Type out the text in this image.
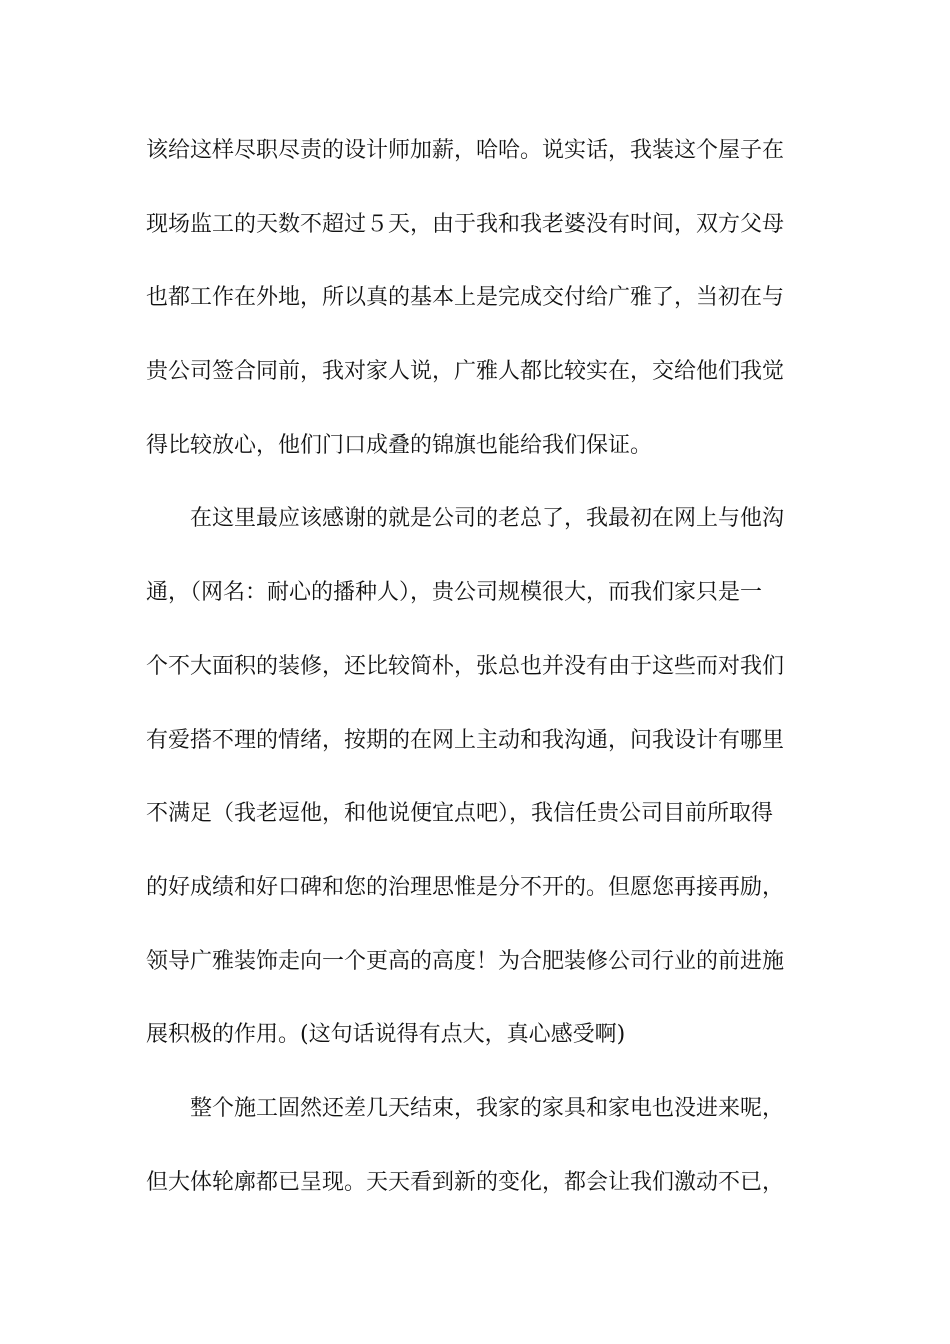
该给这样尽职尽责的设计师加薪，哈哈。说实话，我装这个屋子在
现场监工的天数不超过５天，由于我和我老婆没有时间，双方父母
也都工作在外地，所以真的基本上是完成交付给广雅了，当初在与
贵公司签合同前，我对家人说，广雅人都比较实在，交给他们我觉
得比较放心，他们门口成叠的锦旗也能给我们保证。
在这里最应该感谢的就是公司的老总了，我最初在网上与他沟
通，（网名：耐心的播种人），贵公司规模很大，而我们家只是一
个不大面积的装修，还比较简朴，张总也并没有由于这些而对我们
有爱搭不理的情绪，按期的在网上主动和我沟通，问我设计有哪里
不满足（我老逗他，和他说便宜点吧），我信任贵公司目前所取得
的好成绩和好口碑和您的治理思惟是分不开的。但愿您再接再励，
领导广雅装饰走向一个更高的高度！为合肥装修公司行业的前进施
展积极的作用。(这句话说得有点大，真心感受啊)
整个施工固然还差几天结束，我家的家具和家电也没进来呢，
但大体轮廓都已呈现。天天看到新的变化，都会让我们激动不已，
